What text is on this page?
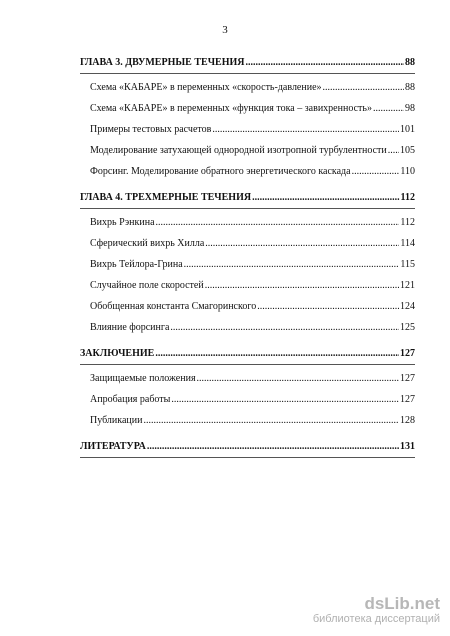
3
ГЛАВА 3. ДВУМЕРНЫЕ ТЕЧЕНИЯ .....	88
Схема «КАБАРЕ» в переменных «скорость-давление» .....	88
Схема «КАБАРЕ» в переменных «функция тока – завихренность» .....	98
Примеры тестовых расчетов .....	101
Моделирование затухающей однородной изотропной турбулентности ..... 105
Форсинг. Моделирование обратного энергетического каскада .....	110
ГЛАВА 4. ТРЕХМЕРНЫЕ ТЕЧЕНИЯ .....	112
Вихрь Рэнкина .....	112
Сферический вихрь Хилла .....	114
Вихрь Тейлора-Грина .....	115
Случайное поле скоростей .....	121
Обобщенная константа Смагоринского .....	124
Влияние форсинга .....	125
ЗАКЛЮЧЕНИЕ .....	127
Защищаемые положения .....	127
Апробация работы .....	127
Публикации .....	128
ЛИТЕРАТУРА .....	131
dsLib.net
библиотека диссертаций
